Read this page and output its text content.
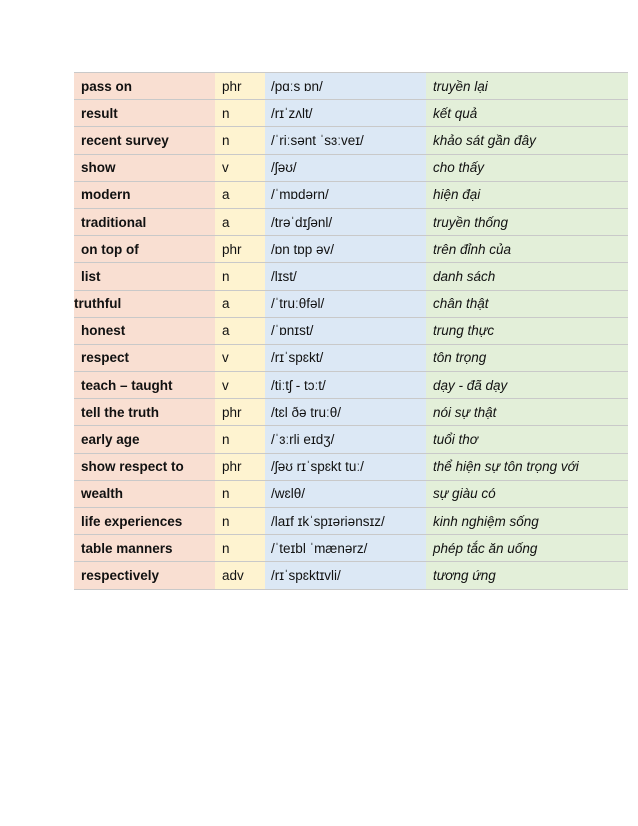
pass on	phr	/pɑːs ɒn/	truyền lại
result	n	/rɪˈzʌlt/	kết quả
recent survey	n	/ˈriːsənt ˈsɜːveɪ/	khảo sát gần đây
show	v	/ʃəʊ/	cho thấy
modern	a	/ˈmɒdərn/	hiện đại
traditional	a	/trəˈdɪʃənl/	truyền thống
on top of	phr	/ɒn tɒp əv/	trên đỉnh của
list	n	/lɪst/	danh sách
truthful	a	/ˈtruːθfəl/	chân thật
honest	a	/ˈɒnɪst/	trung thực
respect	v	/rɪˈspɛkt/	tôn trọng
teach – taught	v	/tiːtʃ - tɔːt/	dạy - đã dạy
tell the truth	phr	/tɛl ðə truːθ/	nói sự thật
early age	n	/ˈɜːrli eɪdʒ/	tuổi thơ
show respect to	phr	/ʃəʊ rɪˈspɛkt tuː/	thể hiện sự tôn trọng với
wealth	n	/wɛlθ/	sự giàu có
life experiences	n	/laɪf ɪkˈspɪəriənsɪz/	kinh nghiệm sống
table manners	n	/ˈteɪbl ˈmænərz/	phép tắc ăn uống
respectively	adv	/rɪˈspɛktɪvli/	tương ứng
